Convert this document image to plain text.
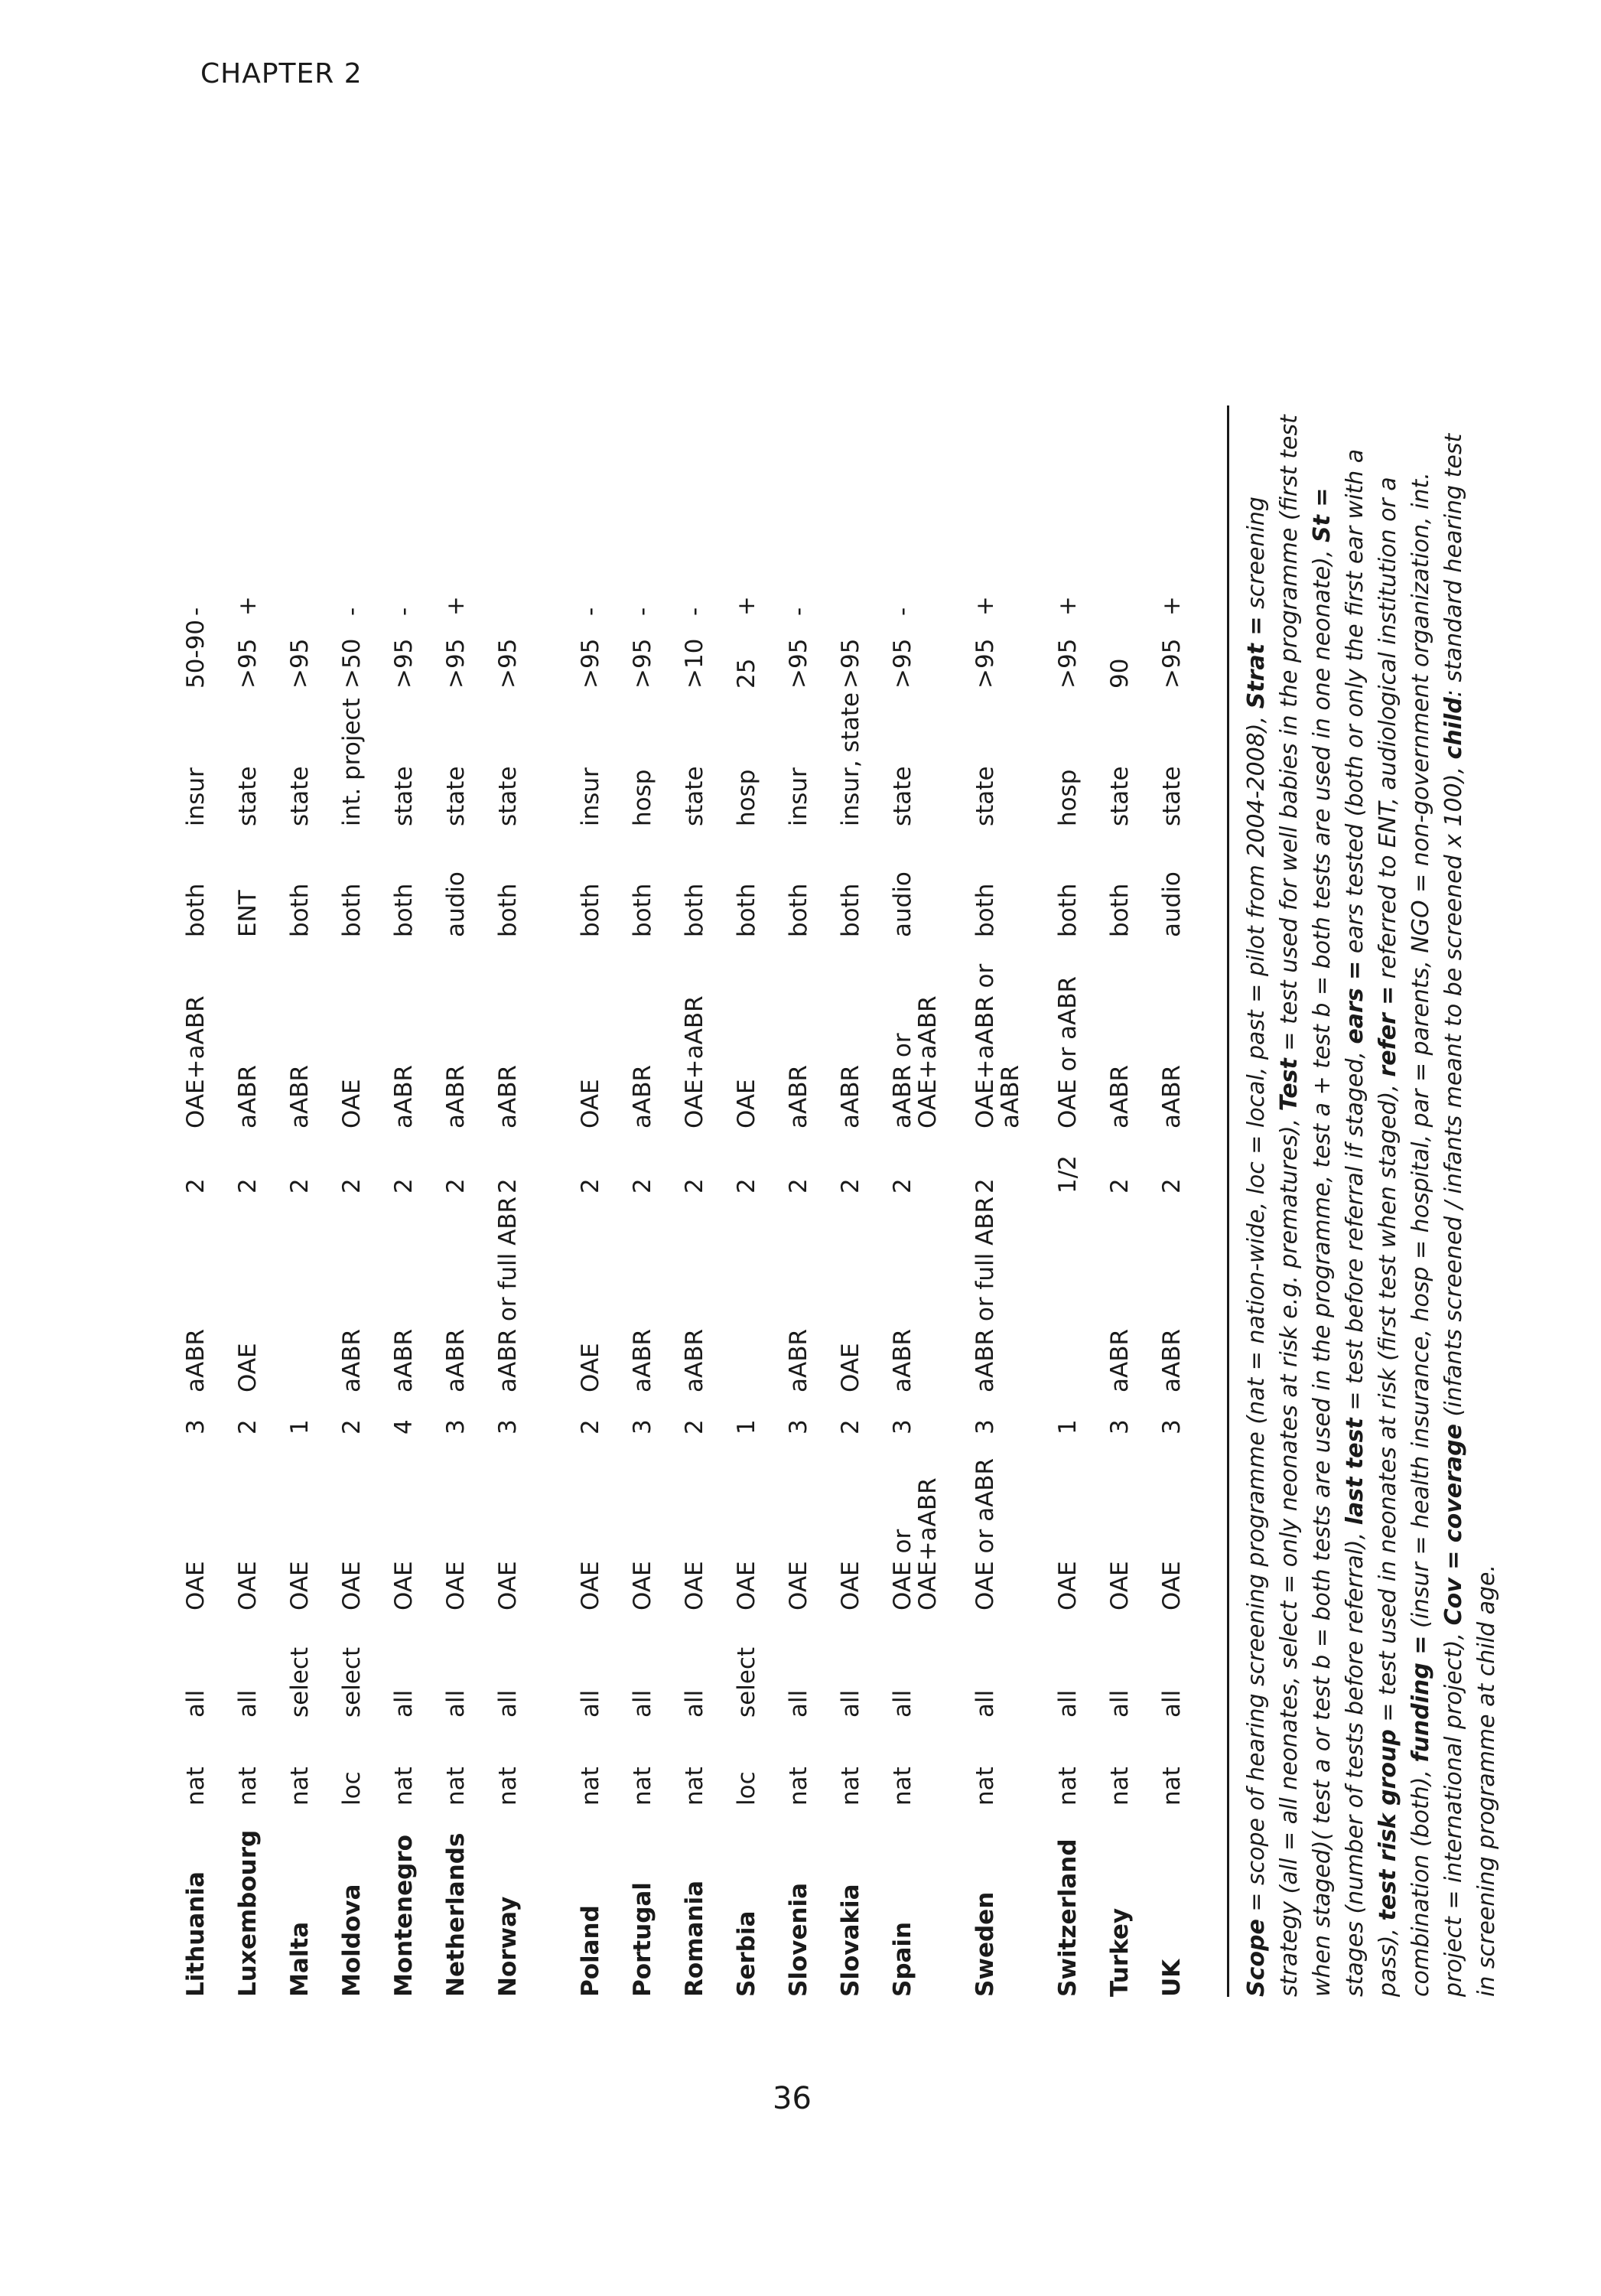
CHAPTER 2
Lithuania	nat	all	OAE	3	aABR	2	OAE+aABR	both	insur	50-90	-
Luxembourg	nat	all	OAE	2	OAE	2	aABR	ENT	state	>95	+
Malta	nat	select	OAE	1		2	aABR	both	state	>95	
Moldova	loc	select	OAE	2	aABR	2	OAE	both	int. project	>50	-
Montenegro	nat	all	OAE	4	aABR	2	aABR	both	state	>95	-
Netherlands	nat	all	OAE	3	aABR	2	aABR	audio	state	>95	+
Norway	nat	all	OAE	3	aABR or full ABR	2	aABR	both	state	>95	
Poland	nat	all	OAE	2	OAE	2	OAE	both	insur	>95	-
Portugal	nat	all	OAE	3	aABR	2	aABR	both	hosp	>95	-
Romania	nat	all	OAE	2	aABR	2	OAE+aABR	both	state	>10	-
Serbia	loc	select	OAE	1		2	OAE	both	hosp	25	+
Slovenia	nat	all	OAE	3	aABR	2	aABR	both	insur	>95	-
Slovakia	nat	all	OAE	2	OAE	2	aABR	both	insur, state	>95	
Spain	nat	all	OAE or OAE+aABR	3	aABR	2	aABR or OAE+aABR	audio	state	>95	-
Sweden	nat	all	OAE or aABR	3	aABR or full ABR	2	OAE+aABR or aABR	both	state	>95	+
Switzerland	nat	all	OAE	1		1/2	OAE or aABR	both	hosp	>95	+
Turkey	nat	all	OAE	3	aABR	2	aABR	both	state	90	
UK	nat	all	OAE	3	aABR	2	aABR	audio	state	>95	+
Scope = scope of hearing screening programme (nat = nation-wide, loc = local, past = pilot from 2004-2008), Strat = screening strategy (all = all neonates, select = only neonates at risk e.g. prematures), Test = test used for well babies in the programme (first test when staged)( test a or test b = both tests are used in the programme, test a + test b = both tests are used in one neonate), St = stages (number of tests before referral), last test = test before referral if staged, ears = ears tested (both or only the first ear with a pass), test risk group = test used in neonates at risk (first test when staged), refer = referred to ENT, audiological institution or a combination (both), funding = (insur = health insurance, hosp = hospital, par = parents, NGO = non-government organization, int. project = international project), Cov = coverage (infants screened / infants meant to be screened x 100), child: standard hearing test in screening programme at child age.
36
